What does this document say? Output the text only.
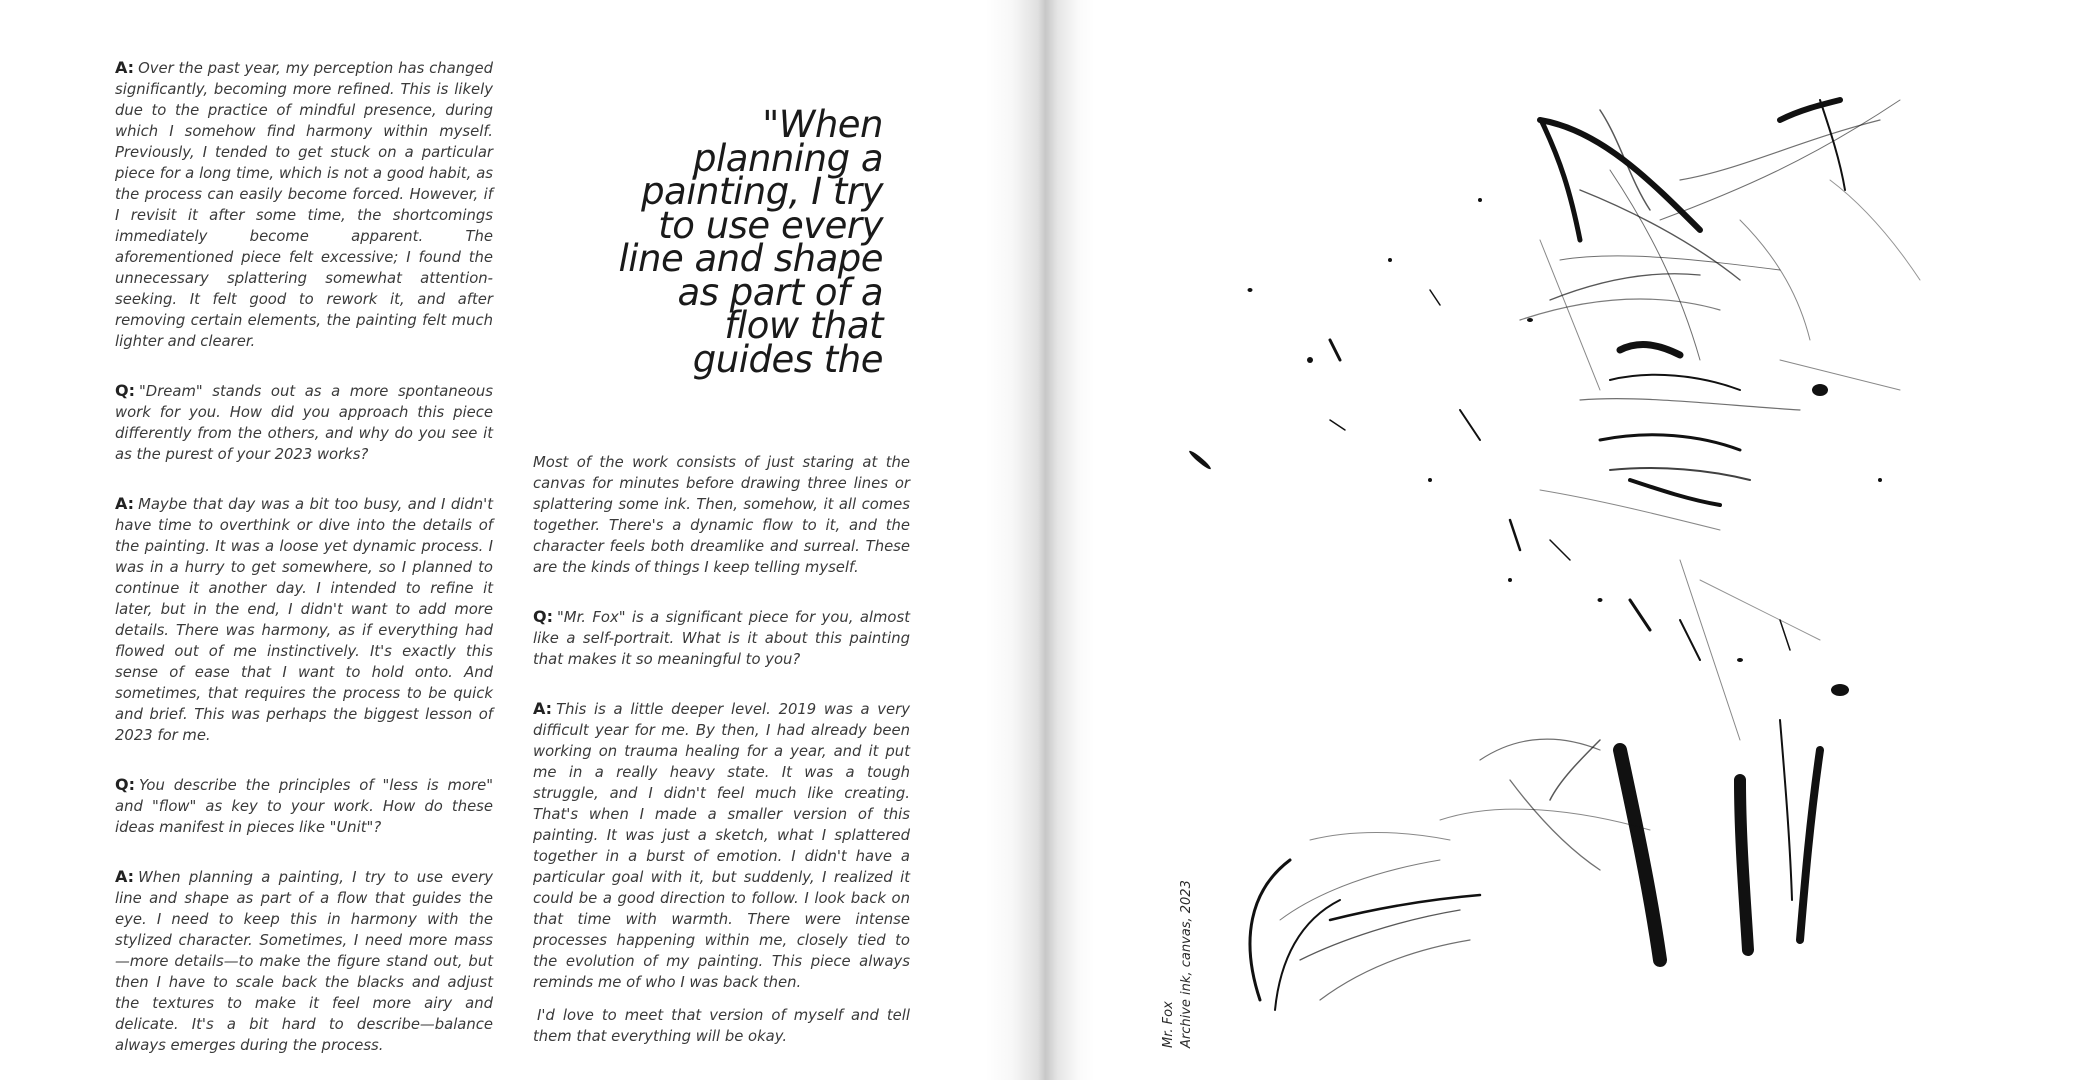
A: Over the past year, my perception has changed significantly, becoming more refined. This is likely due to the practice of mindful presence, during which I somehow find harmony within myself. Previously, I tended to get stuck on a particular piece for a long time, which is not a good habit, as the process can easily become forced. However, if I revisit it after some time, the shortcomings immediately become apparent. The aforementioned piece felt excessive; I found the unnecessary splattering somewhat attention-seeking. It felt good to rework it, and after removing certain elements, the painting felt much lighter and clearer.

Q: "Dream" stands out as a more spontaneous work for you. How did you approach this piece differently from the others, and why do you see it as the purest of your 2023 works?

A: Maybe that day was a bit too busy, and I didn't have time to overthink or dive into the details of the painting. It was a loose yet dynamic process. I was in a hurry to get somewhere, so I planned to continue it another day. I intended to refine it later, but in the end, I didn't want to add more details. There was harmony, as if everything had flowed out of me instinctively. It's exactly this sense of ease that I want to hold onto. And sometimes, that requires the process to be quick and brief. This was perhaps the biggest lesson of 2023 for me.

Q: You describe the principles of "less is more" and "flow" as key to your work. How do these ideas manifest in pieces like "Unit"?

A: When planning a painting, I try to use every line and shape as part of a flow that guides the eye. I need to keep this in harmony with the stylized character. Sometimes, I need more mass—more details—to make the figure stand out, but then I have to scale back the blacks and adjust the textures to make it feel more airy and delicate. It's a bit hard to describe—balance always emerges during the process.

"When planning a painting, I try to use every line and shape as part of a flow that guides the

Most of the work consists of just staring at the canvas for minutes before drawing three lines or splattering some ink. Then, somehow, it all comes together. There's a dynamic flow to it, and the character feels both dreamlike and surreal. These are the kinds of things I keep telling myself.

Q: "Mr. Fox" is a significant piece for you, almost like a self-portrait. What is it about this painting that makes it so meaningful to you?

A: This is a little deeper level. 2019 was a very difficult year for me. By then, I had already been working on trauma healing for a year, and it put me in a really heavy state. It was a tough struggle, and I didn't feel much like creating. That's when I made a smaller version of this painting. It was just a sketch, what I splattered together in a burst of emotion. I didn't have a particular goal with it, but suddenly, I realized it could be a good direction to follow. I look back on that time with warmth. There were intense processes happening within me, closely tied to the evolution of my painting. This piece always reminds me of who I was back then.

I'd love to meet that version of myself and tell them that everything will be okay.	Mr. Fox Archive ink, canvas, 2023
